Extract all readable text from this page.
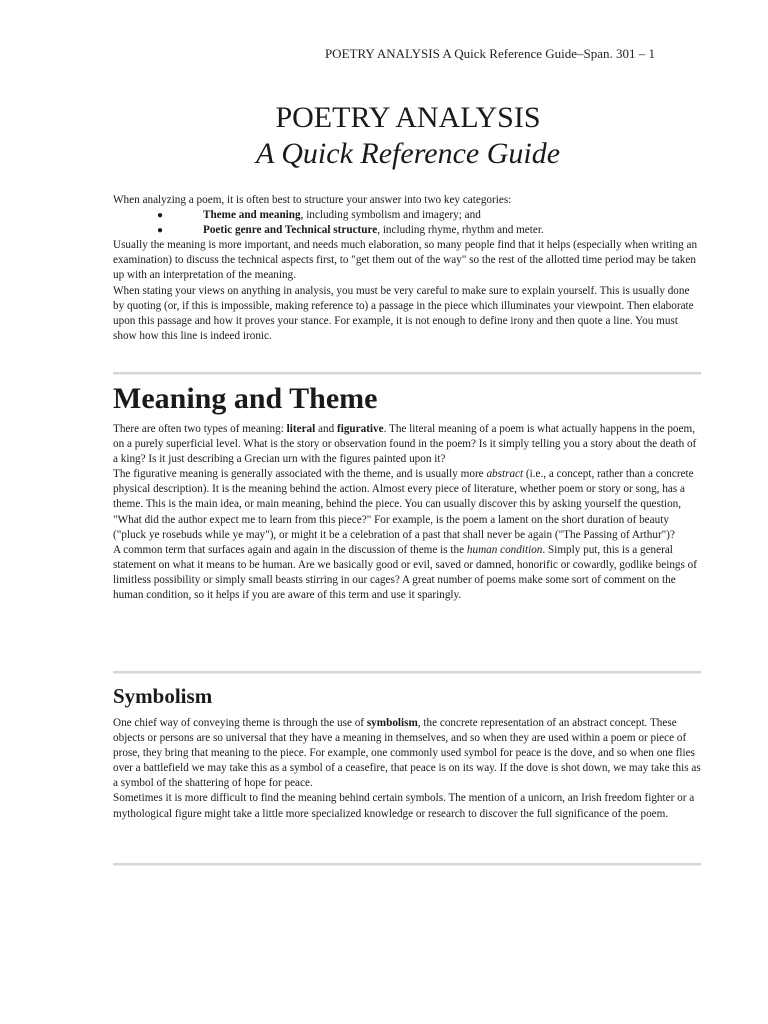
POETRY ANALYSIS A Quick Reference Guide–Span. 301 – 1
POETRY ANALYSIS
A Quick Reference Guide

When analyzing a poem, it is often best to structure your answer into two key categories:

●	Theme and meaning, including symbolism and imagery; and
●	Poetic genre and Technical structure, including rhyme, rhythm and meter.

Usually the meaning is more important, and needs much elaboration, so many people find that it helps (especially when writing an examination) to discuss the technical aspects first, to "get them out of the way" so the rest of the allotted time period may be taken up with an interpretation of the meaning.

When stating your views on anything in analysis, you must be very careful to make sure to explain yourself. This is usually done by quoting (or, if this is impossible, making reference to) a passage in the piece which illuminates your viewpoint. Then elaborate upon this passage and how it proves your stance. For example, it is not enough to define irony and then quote a line. You must show how this line is indeed ironic.

Meaning and Theme

There are often two types of meaning: literal and figurative. The literal meaning of a poem is what actually happens in the poem, on a purely superficial level. What is the story or observation found in the poem? Is it simply telling you a story about the death of a king? Is it just describing a Grecian urn with the figures painted upon it?

The figurative meaning is generally associated with the theme, and is usually more abstract (i.e., a concept, rather than a concrete physical description). It is the meaning behind the action. Almost every piece of literature, whether poem or story or song, has a theme. This is the main idea, or main meaning, behind the piece. You can usually discover this by asking yourself the question, "What did the author expect me to learn from this piece?" For example, is the poem a lament on the short duration of beauty ("pluck ye rosebuds while ye may"), or might it be a celebration of a past that shall never be again ("The Passing of Arthur")?

A common term that surfaces again and again in the discussion of theme is the human condition. Simply put, this is a general statement on what it means to be human. Are we basically good or evil, saved or damned, honorific or cowardly, godlike beings of limitless possibility or simply small beasts stirring in our cages? A great number of poems make some sort of comment on the human condition, so it helps if you are aware of this term and use it sparingly.

Symbolism

One chief way of conveying theme is through the use of symbolism, the concrete representation of an abstract concept. These objects or persons are so universal that they have a meaning in themselves, and so when they are used within a poem or piece of prose, they bring that meaning to the piece. For example, one commonly used symbol for peace is the dove, and so when one flies over a battlefield we may take this as a symbol of a ceasefire, that peace is on its way. If the dove is shot down, we may take this as a symbol of the shattering of hope for peace.

Sometimes it is more difficult to find the meaning behind certain symbols. The mention of a unicorn, an Irish freedom fighter or a mythological figure might take a little more specialized knowledge or research to discover the full significance of the poem.
